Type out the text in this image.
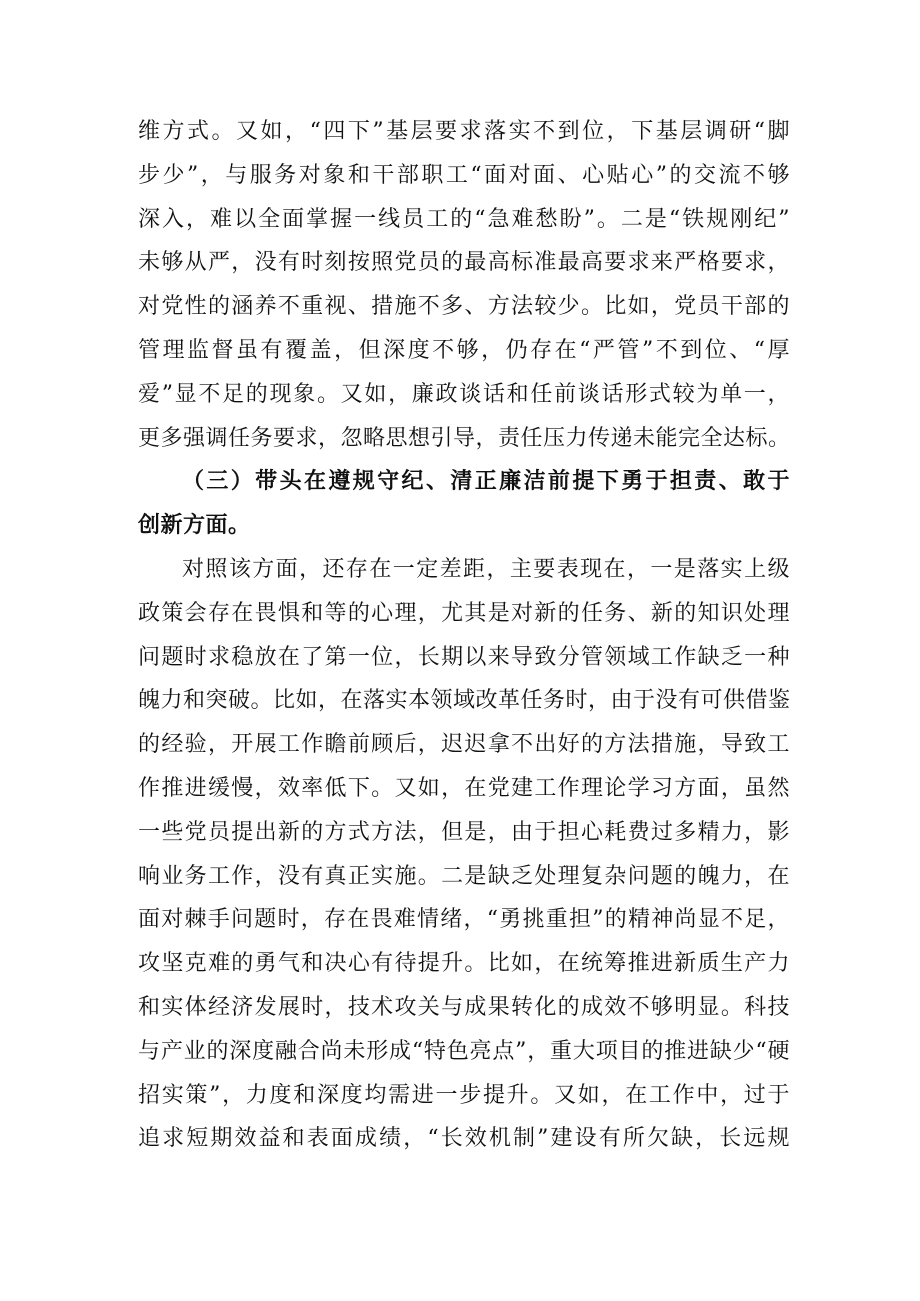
维方式。又如，“四下”基层要求落实不到位，下基层调研“脚
步少”，与服务对象和干部职工“面对面、心贴心”的交流不够
深入，难以全面掌握一线员工的“急难愁盼”。二是“铁规刚纪”
未够从严，没有时刻按照党员的最高标准最高要求来严格要求，
对党性的涵养不重视、措施不多、方法较少。比如，党员干部的
管理监督虽有覆盖，但深度不够，仍存在“严管”不到位、“厚
爱”显不足的现象。又如，廉政谈话和任前谈话形式较为单一，
更多强调任务要求，忽略思想引导，责任压力传递未能完全达标。
（三）带头在遵规守纪、清正廉洁前提下勇于担责、敢于
创新方面。
对照该方面，还存在一定差距，主要表现在，一是落实上级
政策会存在畏惧和等的心理，尤其是对新的任务、新的知识处理
问题时求稳放在了第一位，长期以来导致分管领域工作缺乏一种
魄力和突破。比如，在落实本领域改革任务时，由于没有可供借鉴
的经验，开展工作瞻前顾后，迟迟拿不出好的方法措施，导致工
作推进缓慢，效率低下。又如，在党建工作理论学习方面，虽然
一些党员提出新的方式方法，但是，由于担心耗费过多精力，影
响业务工作，没有真正实施。二是缺乏处理复杂问题的魄力，在
面对棘手问题时，存在畏难情绪，“勇挑重担”的精神尚显不足，
攻坚克难的勇气和决心有待提升。比如，在统筹推进新质生产力
和实体经济发展时，技术攻关与成果转化的成效不够明显。科技
与产业的深度融合尚未形成“特色亮点”，重大项目的推进缺少“硬
招实策”，力度和深度均需进一步提升。又如，在工作中，过于
追求短期效益和表面成绩，“长效机制”建设有所欠缺，长远规
